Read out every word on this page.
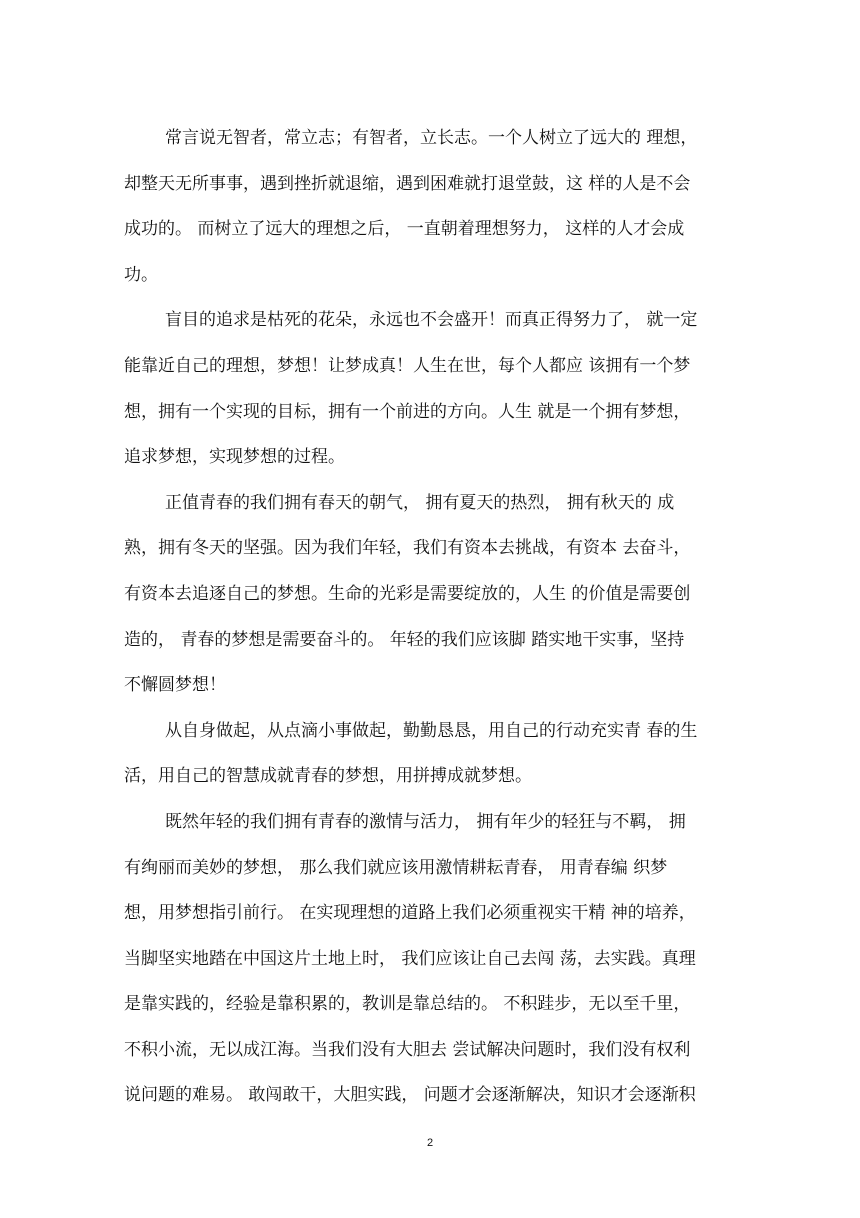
常言说无智者，常立志；有智者，立长志。一个人树立了远大的 理想，
却整天无所事事，遇到挫折就退缩，遇到困难就打退堂鼓，这 样的人是不会
成功的。 而树立了远大的理想之后， 一直朝着理想努力， 这样的人才会成
功。
盲目的追求是枯死的花朵，永远也不会盛开！而真正得努力了， 就一定
能靠近自己的理想，梦想！让梦成真！人生在世，每个人都应 该拥有一个梦
想，拥有一个实现的目标，拥有一个前进的方向。人生 就是一个拥有梦想，
追求梦想，实现梦想的过程。
正值青春的我们拥有春天的朝气， 拥有夏天的热烈， 拥有秋天的 成
熟，拥有冬天的坚强。因为我们年轻，我们有资本去挑战，有资本 去奋斗，
有资本去追逐自己的梦想。生命的光彩是需要绽放的，人生 的价值是需要创
造的， 青春的梦想是需要奋斗的。 年轻的我们应该脚 踏实地干实事，坚持
不懈圆梦想！
从自身做起，从点滴小事做起，勤勤恳恳，用自己的行动充实青 春的生
活，用自己的智慧成就青春的梦想，用拼搏成就梦想。
既然年轻的我们拥有青春的激情与活力， 拥有年少的轻狂与不羁， 拥
有绚丽而美妙的梦想， 那么我们就应该用激情耕耘青春， 用青春编 织梦
想，用梦想指引前行。 在实现理想的道路上我们必须重视实干精 神的培养，
当脚坚实地踏在中国这片土地上时， 我们应该让自己去闯 荡，去实践。真理
是靠实践的，经验是靠积累的，教训是靠总结的。 不积跬步，无以至千里，
不积小流，无以成江海。当我们没有大胆去 尝试解决问题时，我们没有权利
说问题的难易。 敢闯敢干，大胆实践， 问题才会逐渐解决，知识才会逐渐积
2
